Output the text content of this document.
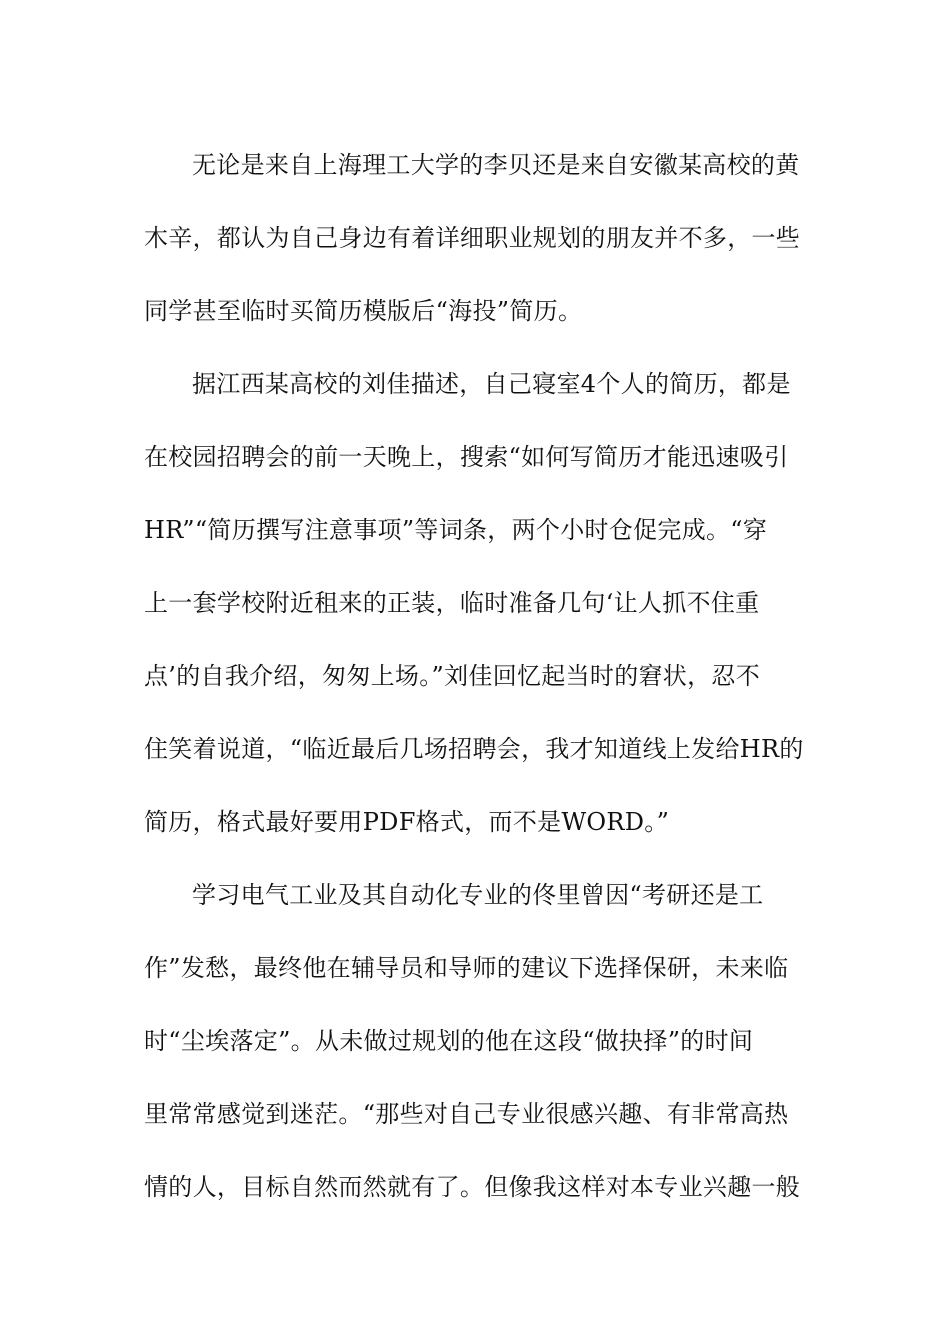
无论是来自上海理工大学的李贝还是来自安徽某高校的黄
木辛，都认为自己身边有着详细职业规划的朋友并不多，一些
同学甚至临时买简历模版后“海投”简历。
据江西某高校的刘佳描述，自己寝室4个人的简历，都是
在校园招聘会的前一天晚上，搜索“如何写简历才能迅速吸引
HR”“简历撰写注意事项”等词条，两个小时仓促完成。“穿
上一套学校附近租来的正装，临时准备几句‘让人抓不住重
点’的自我介绍，匆匆上场。”刘佳回忆起当时的窘状，忍不
住笑着说道，“临近最后几场招聘会，我才知道线上发给HR的
简历，格式最好要用PDF格式，而不是WORD。”
学习电气工业及其自动化专业的佟里曾因“考研还是工
作”发愁，最终他在辅导员和导师的建议下选择保研，未来临
时“尘埃落定”。从未做过规划的他在这段“做抉择”的时间
里常常感觉到迷茫。“那些对自己专业很感兴趣、有非常高热
情的人，目标自然而然就有了。但像我这样对本专业兴趣一般
